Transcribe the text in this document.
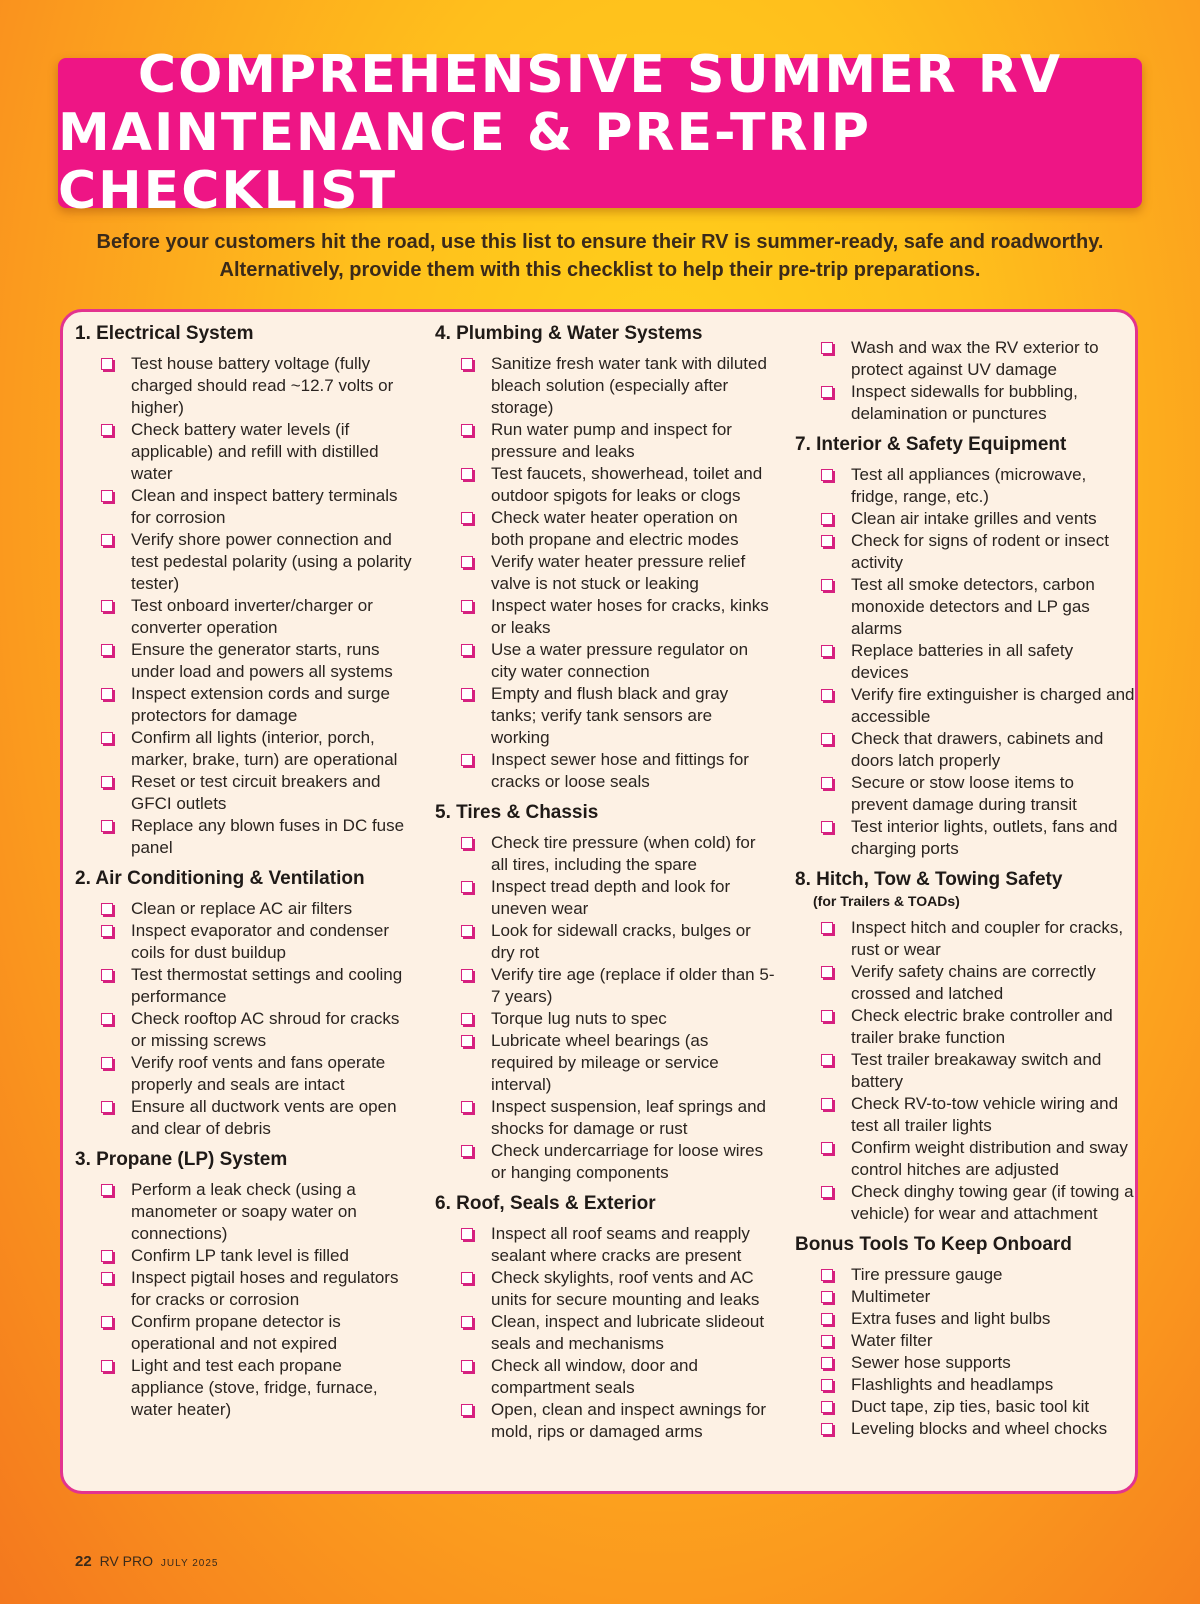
COMPREHENSIVE SUMMER RV
MAINTENANCE & PRE-TRIP CHECKLIST
Before your customers hit the road, use this list to ensure their RV is summer-ready, safe and roadworthy.
Alternatively, provide them with this checklist to help their pre-trip preparations.
1. Electrical System
Test house battery voltage (fully charged should read ~12.7 volts or higher)
Check battery water levels (if applicable) and refill with distilled water
Clean and inspect battery terminals for corrosion
Verify shore power connection and test pedestal polarity (using a polarity tester)
Test onboard inverter/charger or converter operation
Ensure the generator starts, runs under load and powers all systems
Inspect extension cords and surge protectors for damage
Confirm all lights (interior, porch, marker, brake, turn) are operational
Reset or test circuit breakers and GFCI outlets
Replace any blown fuses in DC fuse panel
2. Air Conditioning & Ventilation
Clean or replace AC air filters
Inspect evaporator and condenser coils for dust buildup
Test thermostat settings and cooling performance
Check rooftop AC shroud for cracks or missing screws
Verify roof vents and fans operate properly and seals are intact
Ensure all ductwork vents are open and clear of debris
3. Propane (LP) System
Perform a leak check (using a manometer or soapy water on connections)
Confirm LP tank level is filled
Inspect pigtail hoses and regulators for cracks or corrosion
Confirm propane detector is operational and not expired
Light and test each propane appliance (stove, fridge, furnace, water heater)
4. Plumbing & Water Systems
Sanitize fresh water tank with diluted bleach solution (especially after storage)
Run water pump and inspect for pressure and leaks
Test faucets, showerhead, toilet and outdoor spigots for leaks or clogs
Check water heater operation on both propane and electric modes
Verify water heater pressure relief valve is not stuck or leaking
Inspect water hoses for cracks, kinks or leaks
Use a water pressure regulator on city water connection
Empty and flush black and gray tanks; verify tank sensors are working
Inspect sewer hose and fittings for cracks or loose seals
5. Tires & Chassis
Check tire pressure (when cold) for all tires, including the spare
Inspect tread depth and look for uneven wear
Look for sidewall cracks, bulges or dry rot
Verify tire age (replace if older than 5-7 years)
Torque lug nuts to spec
Lubricate wheel bearings (as required by mileage or service interval)
Inspect suspension, leaf springs and shocks for damage or rust
Check undercarriage for loose wires or hanging components
6. Roof, Seals & Exterior
Inspect all roof seams and reapply sealant where cracks are present
Check skylights, roof vents and AC units for secure mounting and leaks
Clean, inspect and lubricate slideout seals and mechanisms
Check all window, door and compartment seals
Open, clean and inspect awnings for mold, rips or damaged arms
Wash and wax the RV exterior to protect against UV damage
Inspect sidewalls for bubbling, delamination or punctures
7. Interior & Safety Equipment
Test all appliances (microwave, fridge, range, etc.)
Clean air intake grilles and vents
Check for signs of rodent or insect activity
Test all smoke detectors, carbon monoxide detectors and LP gas alarms
Replace batteries in all safety devices
Verify fire extinguisher is charged and accessible
Check that drawers, cabinets and doors latch properly
Secure or stow loose items to prevent damage during transit
Test interior lights, outlets, fans and charging ports
8. Hitch, Tow & Towing Safety
(for Trailers & TOADs)
Inspect hitch and coupler for cracks, rust or wear
Verify safety chains are correctly crossed and latched
Check electric brake controller and trailer brake function
Test trailer breakaway switch and battery
Check RV-to-tow vehicle wiring and test all trailer lights
Confirm weight distribution and sway control hitches are adjusted
Check dinghy towing gear (if towing a vehicle) for wear and attachment
Bonus Tools To Keep Onboard
Tire pressure gauge
Multimeter
Extra fuses and light bulbs
Water filter
Sewer hose supports
Flashlights and headlamps
Duct tape, zip ties, basic tool kit
Leveling blocks and wheel chocks
22 RV PRO JULY 2025
